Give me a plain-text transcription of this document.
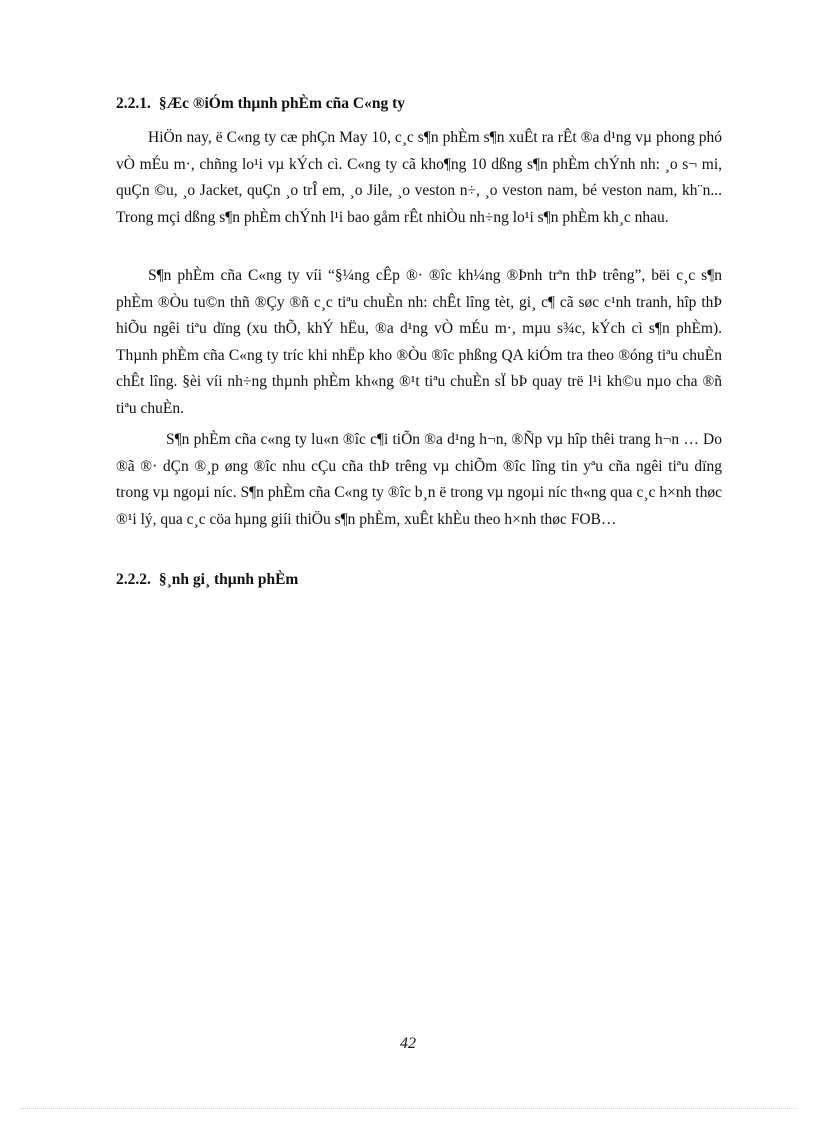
2.2.1. §Æc ®iÓm thµnh phÈm cña C«ng ty

HiÖn nay, ë C«ng ty cæ phÇn May 10, c¸c s¶n phÈm s¶n xuÊt ra rÊt ®a d¹ng vµ phong phó vÒ mÉu m·, chñng lo¹i vµ kÝch cì. C«ng ty cã kho¶ng 10 dßng s¶n phÈm chÝnh nh: ¸o s¬ mi, quÇn ©u, ¸o Jacket, quÇn ¸o trÎ em, ¸o Jile, ¸o veston n÷, ¸o veston nam, bé veston nam, kh¨n... Trong mçi dßng s¶n phÈm chÝnh l¹i bao gåm rÊt nhiÒu nh÷ng lo¹i s¶n phÈm kh¸c nhau.

S¶n phÈm cña C«ng ty víi “§¼ng cÊp ®· ®îc kh¼ng ®Þnh trªn thÞ trêng”, bëi c¸c s¶n phÈm ®Òu tu©n thñ ®Çy ®ñ c¸c tiªu chuÈn nh: chÊt lîng tèt, gi¸ c¶ cã søc c¹nh tranh, hîp thÞ hiÕu ngêi tiªu dïng (xu thÕ, khÝ hËu, ®a d¹ng vÒ mÉu m·, mµu s¾c, kÝch cì s¶n phÈm). Thµnh phÈm cña C«ng ty tríc khi nhËp kho ®Òu ®îc phßng QA kiÓm tra theo ®óng tiªu chuÈn chÊt lîng. §èi víi nh÷ng thµnh phÈm kh«ng ®¹t tiªu chuÈn sÏ bÞ quay trë l¹i kh©u nµo cha ®ñ tiªu chuÈn.

S¶n phÈm cña c«ng ty lu«n ®îc c¶i tiÕn ®a d¹ng h¬n, ®Ñp vµ hîp thêi trang h¬n … Do ®ã ®· dÇn ®¸p øng ®îc nhu cÇu cña thÞ trêng vµ chiÕm ®îc lîng tin yªu cña ngêi tiªu dïng trong vµ ngoµi níc. S¶n phÈm cña C«ng ty ®îc b¸n ë trong vµ ngoµi níc th«ng qua c¸c h×nh thøc ®¹i lý, qua c¸c cöa hµng giíi thiÖu s¶n phÈm, xuÊt khÈu theo h×nh thøc FOB…

2.2.2. §¸nh gi¸ thµnh phÈm
42
